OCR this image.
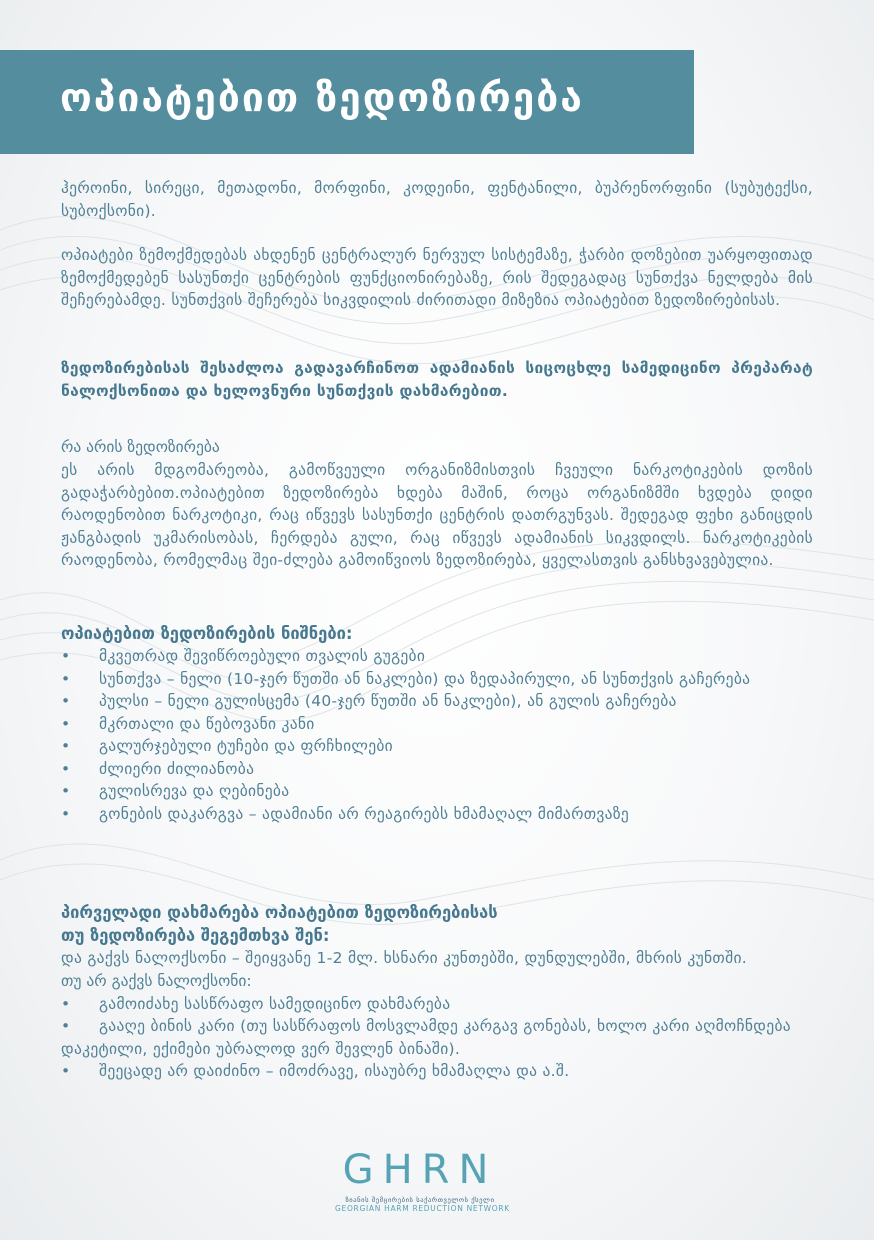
ოპიატებით ზედოზირება
ჰეროინი, სირეცი, მეთადონი, მორფინი, კოდეინი, ფენტანილი, ბუპრენორფინი (სუბუტექსი, სუბოქსონი).
ოპიატები ზემოქმედებას ახდენენ ცენტრალურ ნერვულ სისტემაზე, ჭარბი დოზებით უარყოფითად ზემოქმედებენ სასუნთქი ცენტრების ფუნქციონირებაზე, რის შედეგადაც სუნთქვა ნელდება მის შეჩერებამდე. სუნთქვის შეჩერება სიკვდილის ძირითადი მიზეზია ოპიატებით ზედოზირებისას.
ზედოზირებისას შესაძლოა გადავარჩინოთ ადამიანის სიცოცხლე სამედიცინო პრეპარატ ნალოქსონითა და ხელოვნური სუნთქვის დახმარებით.
რა არის ზედოზირება
ეს არის მდგომარეობა, გამოწვეული ორგანიზმისთვის ჩვეული ნარკოტიკების დოზის გადაჭარბებით.ოპიატებით ზედოზირება ხდება მაშინ, როცა ორგანიზმში ხვდება დიდი რაოდენობით ნარკოტიკი, რაც იწვევს სასუნთქი ცენტრის დათრგუნვას. შედეგად ფეხი განიცდის ჟანგბადის უკმარისობას, ჩერდება გული, რაც იწვევს ადამიანის სიკვდილს. ნარკოტიკების რაოდენობა, რომელმაც შეი-ძლება გამოიწვიოს ზედოზირება, ყველასთვის განსხვავებულია.
ოპიატებით ზედოზირების ნიშნები:
•	მკვეთრად შევიწროებული თვალის გუგები
•	სუნთქვა – ნელი (10-ჯერ წუთში ან ნაკლები) და ზედაპირული, ან სუნთქვის გაჩერება
•	პულსი – ნელი გულისცემა (40-ჯერ წუთში ან ნაკლები), ან გულის გაჩერება
•	მკრთალი და წებოვანი კანი
•	გალურჯებული ტუჩები და ფრჩხილები
•	ძლიერი ძილიანობა
•	გულისრევა და ღებინება
•	გონების დაკარგვა – ადამიანი არ რეაგირებს ხმამაღალ მიმართვაზე
პირველადი დახმარება ოპიატებით ზედოზირებისას
თუ ზედოზირება შეგემთხვა შენ:
და გაქვს ნალოქსონი – შეიყვანე 1-2 მლ. ხსნარი კუნთებში, დუნდულებში, მხრის კუნთში.
თუ არ გაქვს ნალოქსონი:
•	გამოიძახე სასწრაფო სამედიცინო დახმარება
•	გააღე ბინის კარი (თუ სასწრაფოს მოსვლამდე კარგავ გონებას, ხოლო კარი აღმოჩნდება დაკეტილი, ექიმები უბრალოდ ვერ შევლენ ბინაში).
•	შეეცადე არ დაიძინო – იმოძრავე, ისაუბრე ხმამაღლა და ა.შ.
GHRN
ზიანის შემცირების საქართველოს ქსელი
GEORGIAN HARM REDUCTION NETWORK
